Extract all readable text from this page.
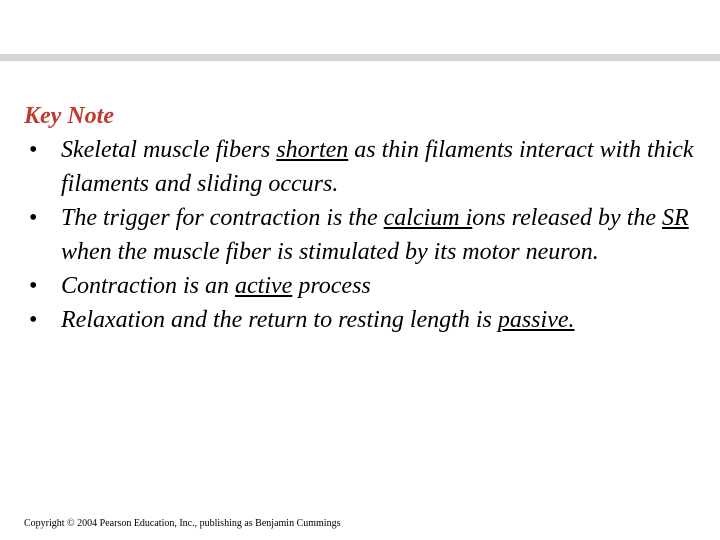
Key Note
• Skeletal muscle fibers shorten as thin filaments interact with thick filaments and sliding occurs.
• The trigger for contraction is the calcium ions released by the SR when the muscle fiber is stimulated by its motor neuron.
• Contraction is an active process
• Relaxation and the return to resting length is passive.
Copyright © 2004 Pearson Education, Inc., publishing as Benjamin Cummings
